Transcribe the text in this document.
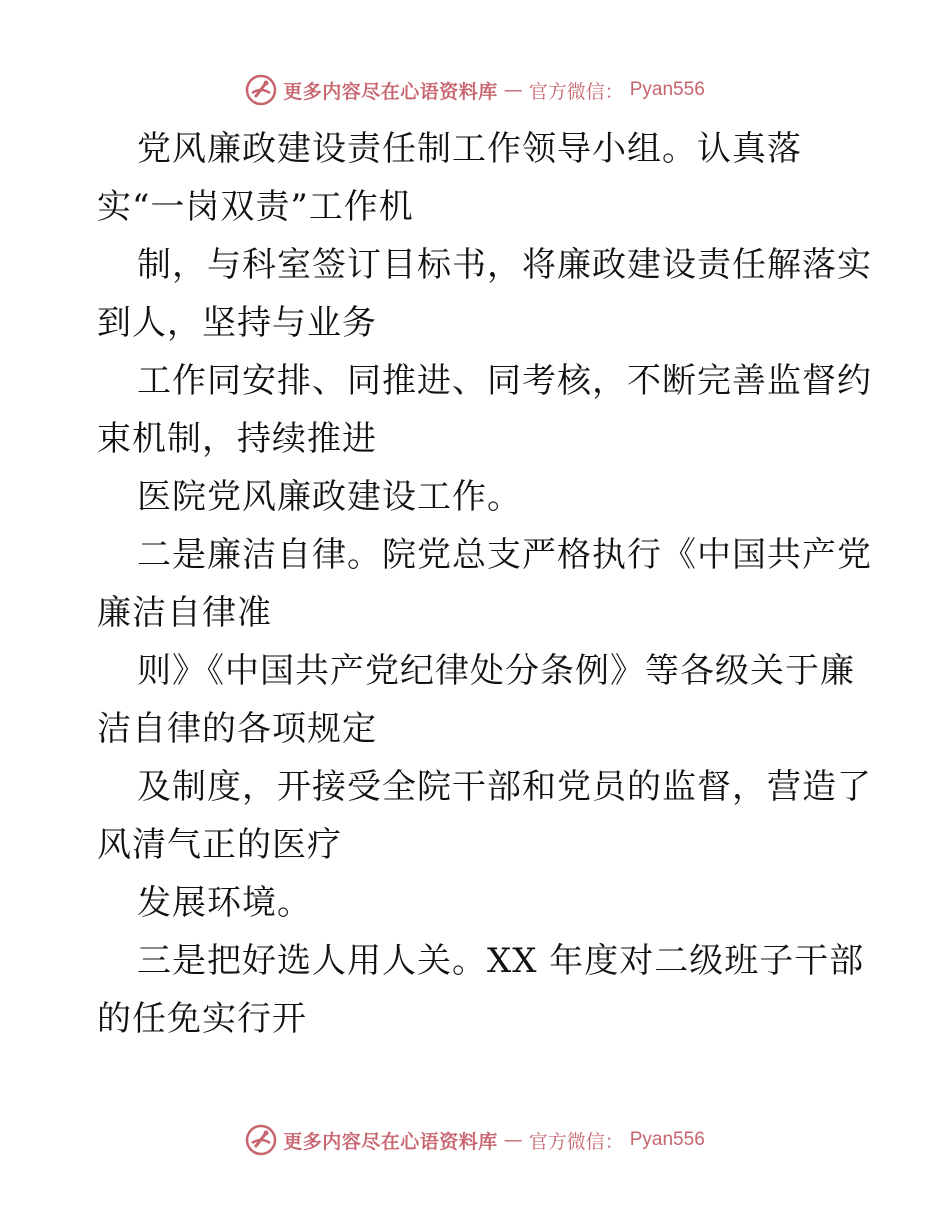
更多内容尽在心语资料库 — 官方微信： Pyan556
党风廉政建设责任制工作领导小组。认真落
实“一岗双责”工作机
制，与科室签订目标书，将廉政建设责任解落实
到人，坚持与业务
工作同安排、同推进、同考核，不断完善监督约
束机制，持续推进
医院党风廉政建设工作。
二是廉洁自律。院党总支严格执行《中国共产党
廉洁自律准
则》《中国共产党纪律处分条例》等各级关于廉
洁自律的各项规定
及制度，开接受全院干部和党员的监督，营造了
风清气正的医疗
发展环境。
三是把好选人用人关。XX 年度对二级班子干部
的任免实行开
更多内容尽在心语资料库 — 官方微信： Pyan556
